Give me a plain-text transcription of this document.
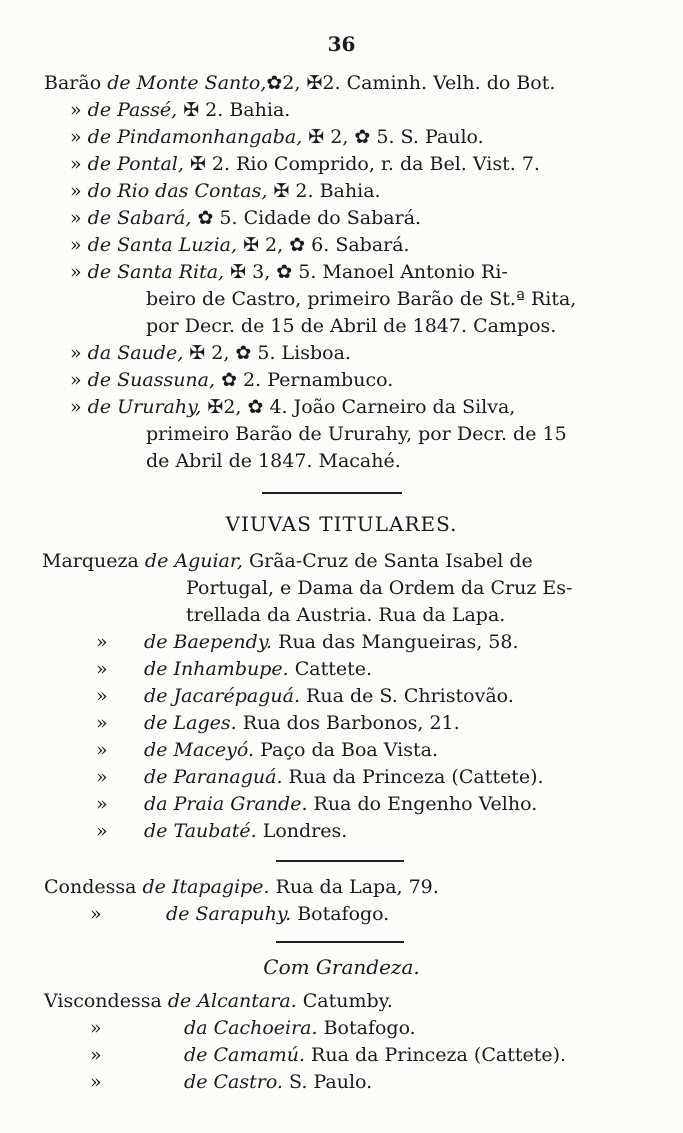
36
Barão de Monte Santo,✿2, ✠2. Caminh. Velh. do Bot.
» de Passé, ✠ 2. Bahia.
» de Pindamonhangaba, ✠ 2, ✿ 5. S. Paulo.
» de Pontal, ✠ 2. Rio Comprido, r. da Bel. Vist. 7.
» do Rio das Contas, ✠ 2. Bahia.
» de Sabará, ✿ 5. Cidade do Sabará.
» de Santa Luzia, ✠ 2, ✿ 6. Sabará.
» de Santa Rita, ✠ 3, ✿ 5. Manoel Antonio Ri-
beiro de Castro, primeiro Barão de St.ª Rita,
por Decr. de 15 de Abril de 1847. Campos.
» da Saude, ✠ 2, ✿ 5. Lisboa.
» de Suassuna, ✿ 2. Pernambuco.
» de Ururahy, ✠2, ✿ 4. João Carneiro da Silva,
primeiro Barão de Ururahy, por Decr. de 15
de Abril de 1847. Macahé.
VIUVAS TITULARES.
Marqueza de Aguiar, Grãa-Cruz de Santa Isabel de
Portugal, e Dama da Ordem da Cruz Es-
trellada da Austria. Rua da Lapa.
» de Baependy. Rua das Mangueiras, 58.
» de Inhambupe. Cattete.
» de Jacarépaguá. Rua de S. Christovão.
» de Lages. Rua dos Barbonos, 21.
» de Maceyó. Paço da Boa Vista.
» de Paranaguá. Rua da Princeza (Cattete).
» da Praia Grande. Rua do Engenho Velho.
» de Taubaté. Londres.
Condessa de Itapagipe. Rua da Lapa, 79.
»	de Sarapuhy. Botafogo.
Com Grandeza.
Viscondessa de Alcantara. Catumby.
»	da Cachoeira. Botafogo.
»	de Camamú. Rua da Princeza (Cattete).
»	de Castro. S. Paulo.
